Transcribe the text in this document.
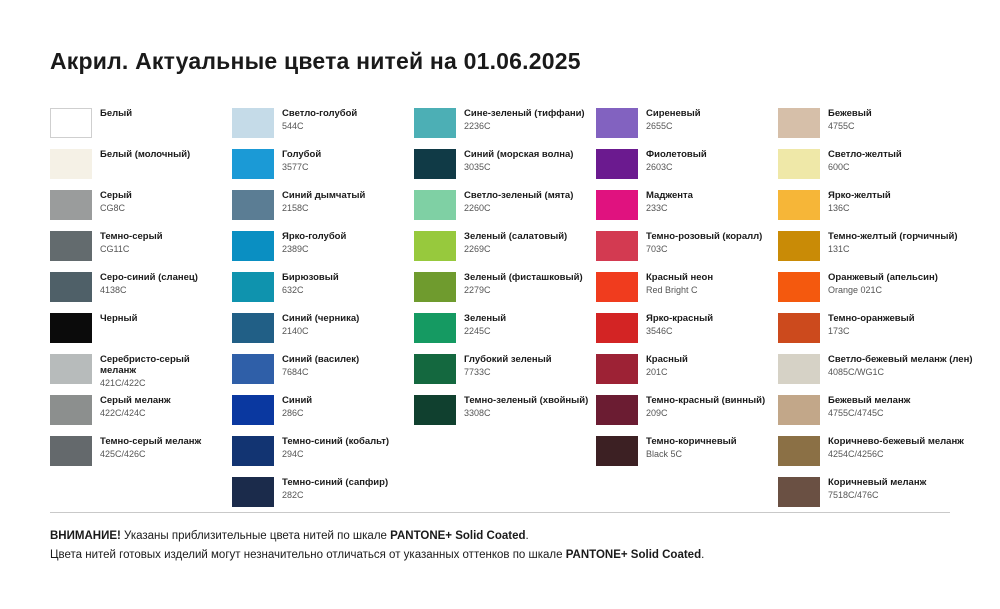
Акрил. Актуальные цвета нитей на 01.06.2025
Белый
Белый (молочный)
Серый
CG8C
Темно-серый
CG11C
Серо-синий (сланец)
4138C
Черный
Серебристо-серый меланж
421C/422C
Серый меланж
422C/424C
Темно-серый меланж
425C/426C
Светло-голубой
544C
Голубой
3577C
Синий дымчатый
2158C
Ярко-голубой
2389C
Бирюзовый
632C
Синий (черника)
2140C
Синий (василек)
7684C
Синий
286C
Темно-синий (кобальт)
294C
Темно-синий (сапфир)
282C
Сине-зеленый (тиффани)
2236C
Синий (морская волна)
3035C
Светло-зеленый (мята)
2260C
Зеленый (салатовый)
2269C
Зеленый (фисташковый)
2279C
Зеленый
2245C
Глубокий зеленый
7733C
Темно-зеленый (хвойный)
3308C
Сиреневый
2655C
Фиолетовый
2603C
Маджента
233C
Темно-розовый (коралл)
703C
Красный неон
Red Bright C
Ярко-красный
3546C
Красный
201C
Темно-красный (винный)
209C
Темно-коричневый
Black 5C
Бежевый
4755C
Светло-желтый
600C
Ярко-желтый
136C
Темно-желтый (горчичный)
131C
Оранжевый (апельсин)
Orange 021C
Темно-оранжевый
173C
Светло-бежевый меланж (лен)
4085C/WG1C
Бежевый меланж
4755C/4745C
Коричнево-бежевый меланж
4254C/4256C
Коричневый меланж
7518C/476C
ВНИМАНИЕ! Указаны приблизительные цвета нитей по шкале PANTONE+ Solid Coated.
Цвета нитей готовых изделий могут незначительно отличаться от указанных оттенков по шкале PANTONE+ Solid Coated.
